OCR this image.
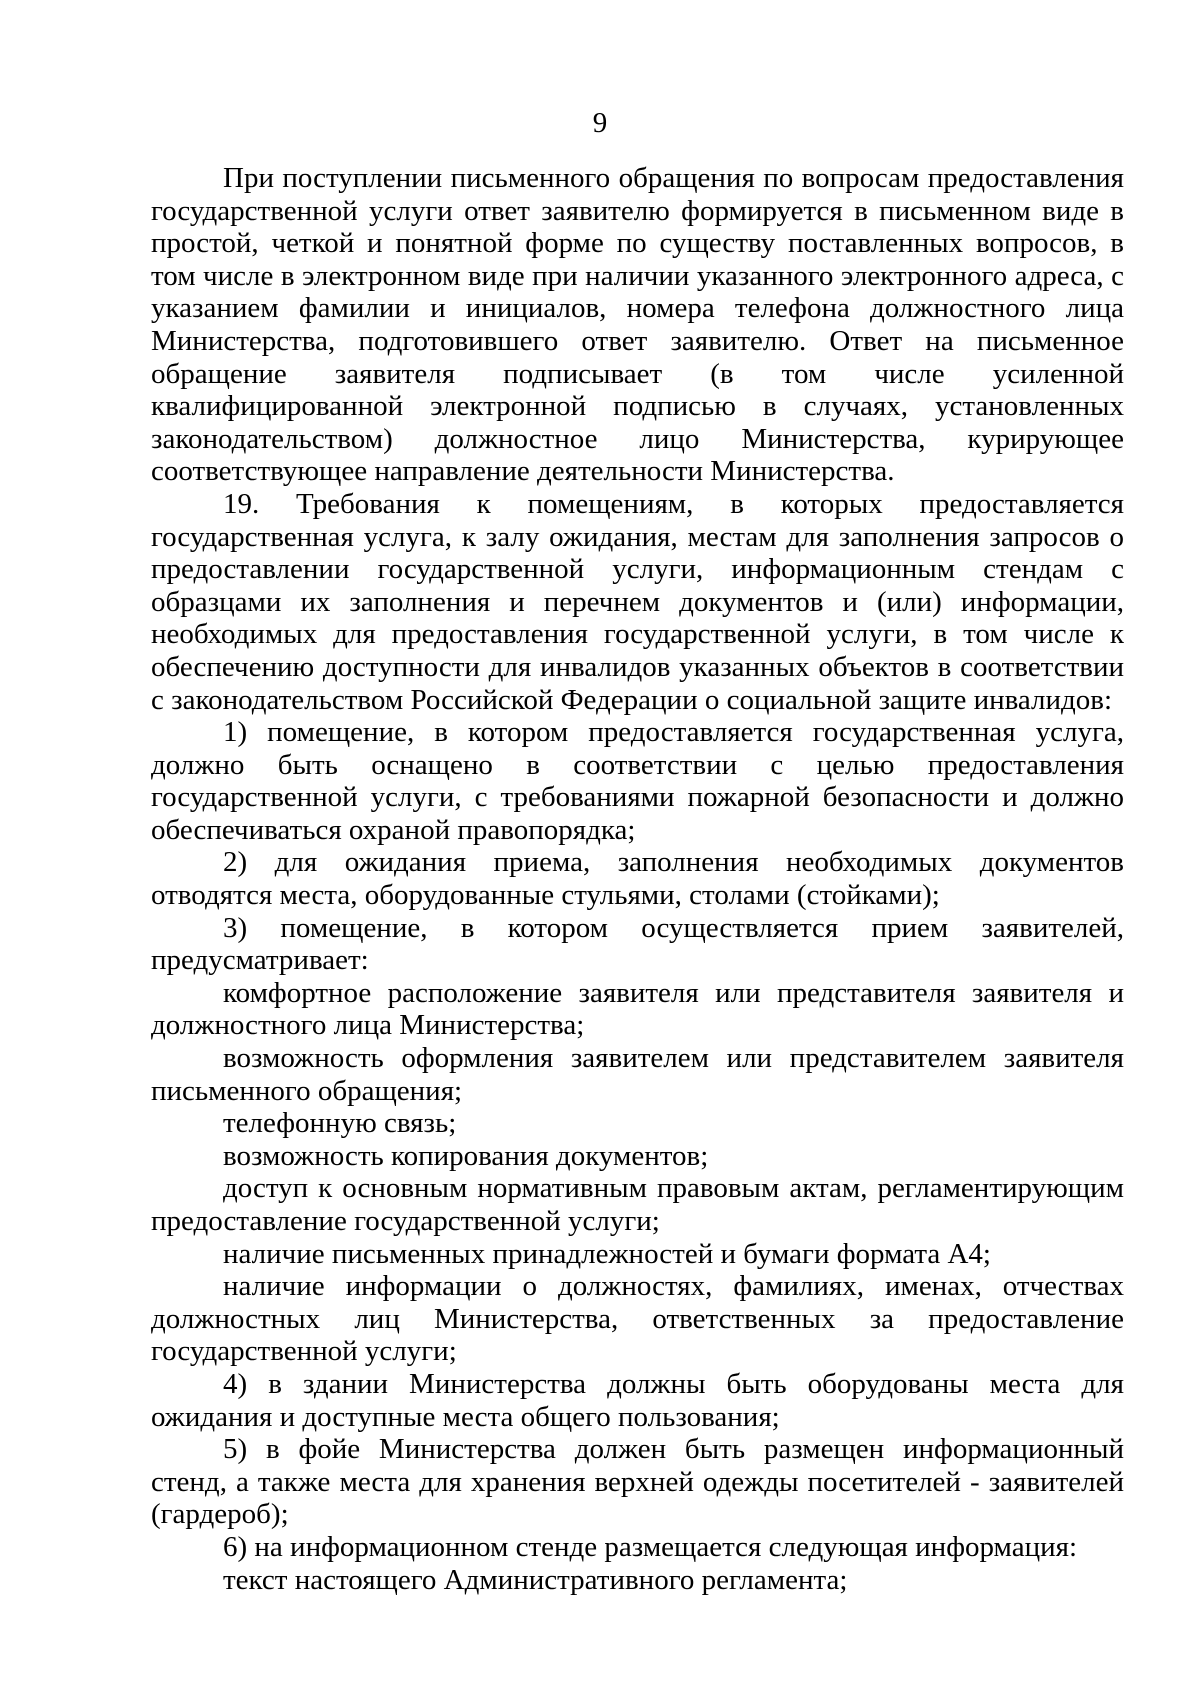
9

При поступлении письменного обращения по вопросам предоставления государственной услуги ответ заявителю формируется в письменном виде в простой, четкой и понятной форме по существу поставленных вопросов, в том числе в электронном виде при наличии указанного электронного адреса, с указанием фамилии и инициалов, номера телефона должностного лица Министерства, подготовившего ответ заявителю. Ответ на письменное обращение заявителя подписывает (в том числе усиленной квалифицированной электронной подписью в случаях, установленных законодательством) должностное лицо Министерства, курирующее соответствующее направление деятельности Министерства.

19. Требования к помещениям, в которых предоставляется государственная услуга, к залу ожидания, местам для заполнения запросов о предоставлении государственной услуги, информационным стендам с образцами их заполнения и перечнем документов и (или) информации, необходимых для предоставления государственной услуги, в том числе к обеспечению доступности для инвалидов указанных объектов в соответствии с законодательством Российской Федерации о социальной защите инвалидов:

1) помещение, в котором предоставляется государственная услуга, должно быть оснащено в соответствии с целью предоставления государственной услуги, с требованиями пожарной безопасности и должно обеспечиваться охраной правопорядка;

2) для ожидания приема, заполнения необходимых документов отводятся места, оборудованные стульями, столами (стойками);

3) помещение, в котором осуществляется прием заявителей, предусматривает:

комфортное расположение заявителя или представителя заявителя и должностного лица Министерства;

возможность оформления заявителем или представителем заявителя письменного обращения;

телефонную связь;

возможность копирования документов;

доступ к основным нормативным правовым актам, регламентирующим предоставление государственной услуги;

наличие письменных принадлежностей и бумаги формата А4;

наличие информации о должностях, фамилиях, именах, отчествах должностных лиц Министерства, ответственных за предоставление государственной услуги;

4) в здании Министерства должны быть оборудованы места для ожидания и доступные места общего пользования;

5) в фойе Министерства должен быть размещен информационный стенд, а также места для хранения верхней одежды посетителей - заявителей (гардероб);

6) на информационном стенде размещается следующая информация:

текст настоящего Административного регламента;
